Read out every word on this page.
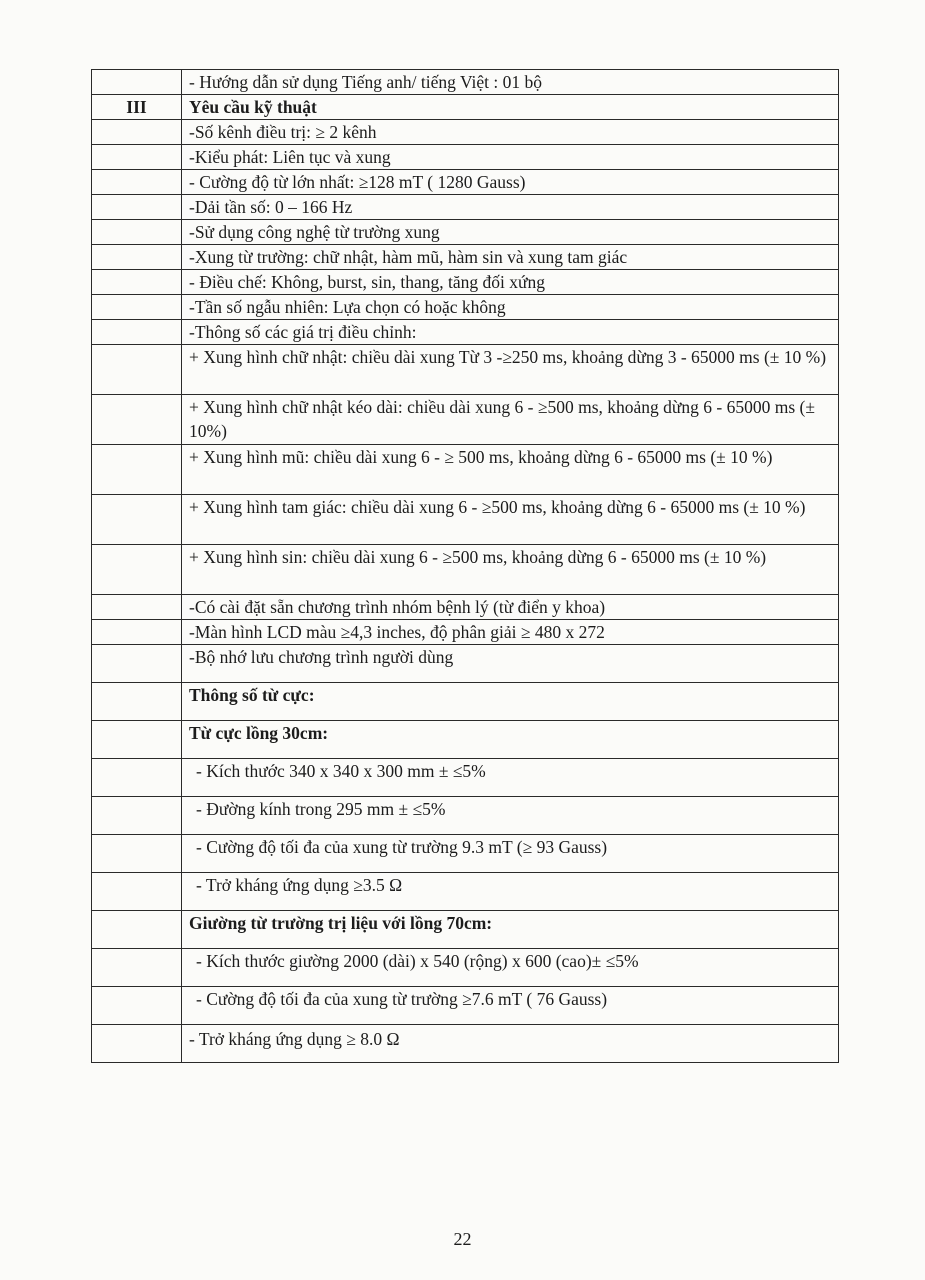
	- Hướng dẫn sử dụng Tiếng anh/ tiếng Việt : 01 bộ
III	Yêu cầu kỹ thuật
	-Số kênh điều trị: ≥ 2 kênh
	-Kiểu phát: Liên tục và xung
	- Cường độ từ lớn nhất: ≥128 mT ( 1280 Gauss)
	-Dải tần số: 0 – 166 Hz
	-Sử dụng công nghệ từ trường xung
	-Xung từ trường: chữ nhật, hàm mũ, hàm sin và xung tam giác
	- Điều chế: Không, burst, sin, thang, tăng đối xứng
	-Tần số ngẫu nhiên: Lựa chọn có hoặc không
	-Thông số các giá trị điều chỉnh:
	+ Xung hình chữ nhật: chiều dài xung Từ 3 -≥250 ms, khoảng dừng 3 - 65000 ms (± 10 %)
	+ Xung hình chữ nhật kéo dài: chiều dài xung 6 - ≥500 ms, khoảng dừng 6 - 65000 ms (± 10%)
	+ Xung hình mũ: chiều dài xung 6 - ≥ 500 ms, khoảng dừng 6 - 65000 ms (± 10 %)
	+ Xung hình tam giác: chiều dài xung 6 - ≥500 ms, khoảng dừng 6 - 65000 ms (± 10 %)
	+ Xung hình sin: chiều dài xung 6 - ≥500 ms, khoảng dừng 6 - 65000 ms (± 10 %)
	-Có cài đặt sẵn chương trình nhóm bệnh lý (từ điển y khoa)
	-Màn hình LCD màu ≥4,3 inches, độ phân giải ≥ 480 x 272
	-Bộ nhớ lưu chương trình người dùng
	Thông số từ cực:
	Từ cực lồng 30cm:
	- Kích thước 340 x 340 x 300 mm ± ≤5%
	- Đường kính trong 295 mm ± ≤5%
	- Cường độ tối đa của xung từ trường 9.3 mT (≥ 93 Gauss)
	- Trở kháng ứng dụng ≥3.5 Ω
	Giường từ trường trị liệu với lồng 70cm:
	- Kích thước giường 2000 (dài) x 540 (rộng) x 600 (cao)± ≤5%
	- Cường độ tối đa của xung từ trường ≥7.6 mT ( 76 Gauss)
	- Trở kháng ứng dụng ≥ 8.0 Ω
22
